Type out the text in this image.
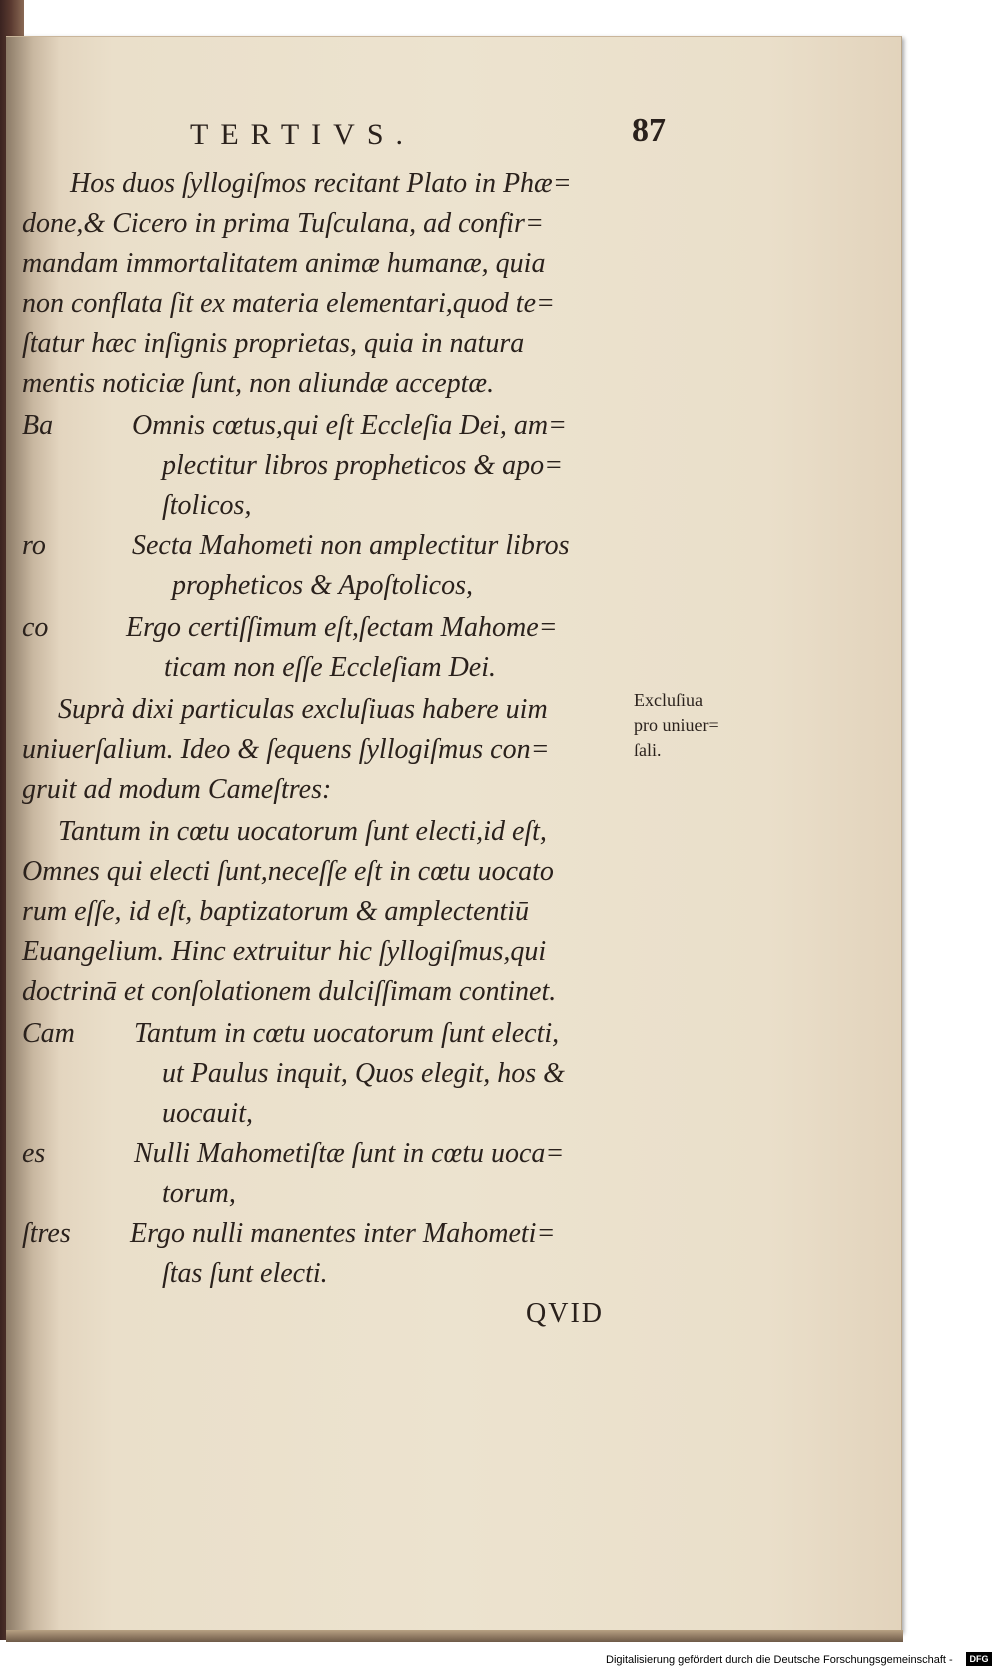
TERTIVS.	87
Hos duos ſyllogiſmos recitant Plato in Phæ=
done,& Cicero in prima Tuſculana, ad confir=
mandam immortalitatem animæ humanæ, quia
non conflata ſit ex materia elementari,quod te=
ſtatur hæc inſignis proprietas, quia in natura
mentis noticiæ ſunt, non aliundæ acceptæ.
Ba	Omnis cœtus,qui eſt Eccleſia Dei, am=
plectitur libros propheticos & apo=
ſtolicos,
ro	Secta Mahometi non amplectitur libros
propheticos & Apoſtolicos,
co	Ergo certiſſimum eſt,ſectam Mahome=
ticam non eſſe Eccleſiam Dei.
Suprà dixi particulas excluſiuas habere uim
uniuerſalium. Ideo & ſequens ſyllogiſmus con=
gruit ad modum Cameſtres:
Excluſiua
pro uniuer=
ſali.
Tantum in cœtu uocatorum ſunt electi,id eſt,
Omnes qui electi ſunt,neceſſe eſt in cœtu uocato
rum eſſe, id eſt, baptizatorum & amplectentiū
Euangelium. Hinc extruitur hic ſyllogiſmus,qui
doctrinā et conſolationem dulciſſimam continet.
Cam Tantum in cœtu uocatorum ſunt electi,
ut Paulus inquit, Quos elegit, hos &
uocauit,
es	Nulli Mahometiſtæ ſunt in cœtu uoca=
torum,
ſtres Ergo nulli manentes inter Mahometi=
ſtas ſunt electi.
QVID
Digitalisierung gefördert durch die Deutsche Forschungsgemeinschaft -	DFG
